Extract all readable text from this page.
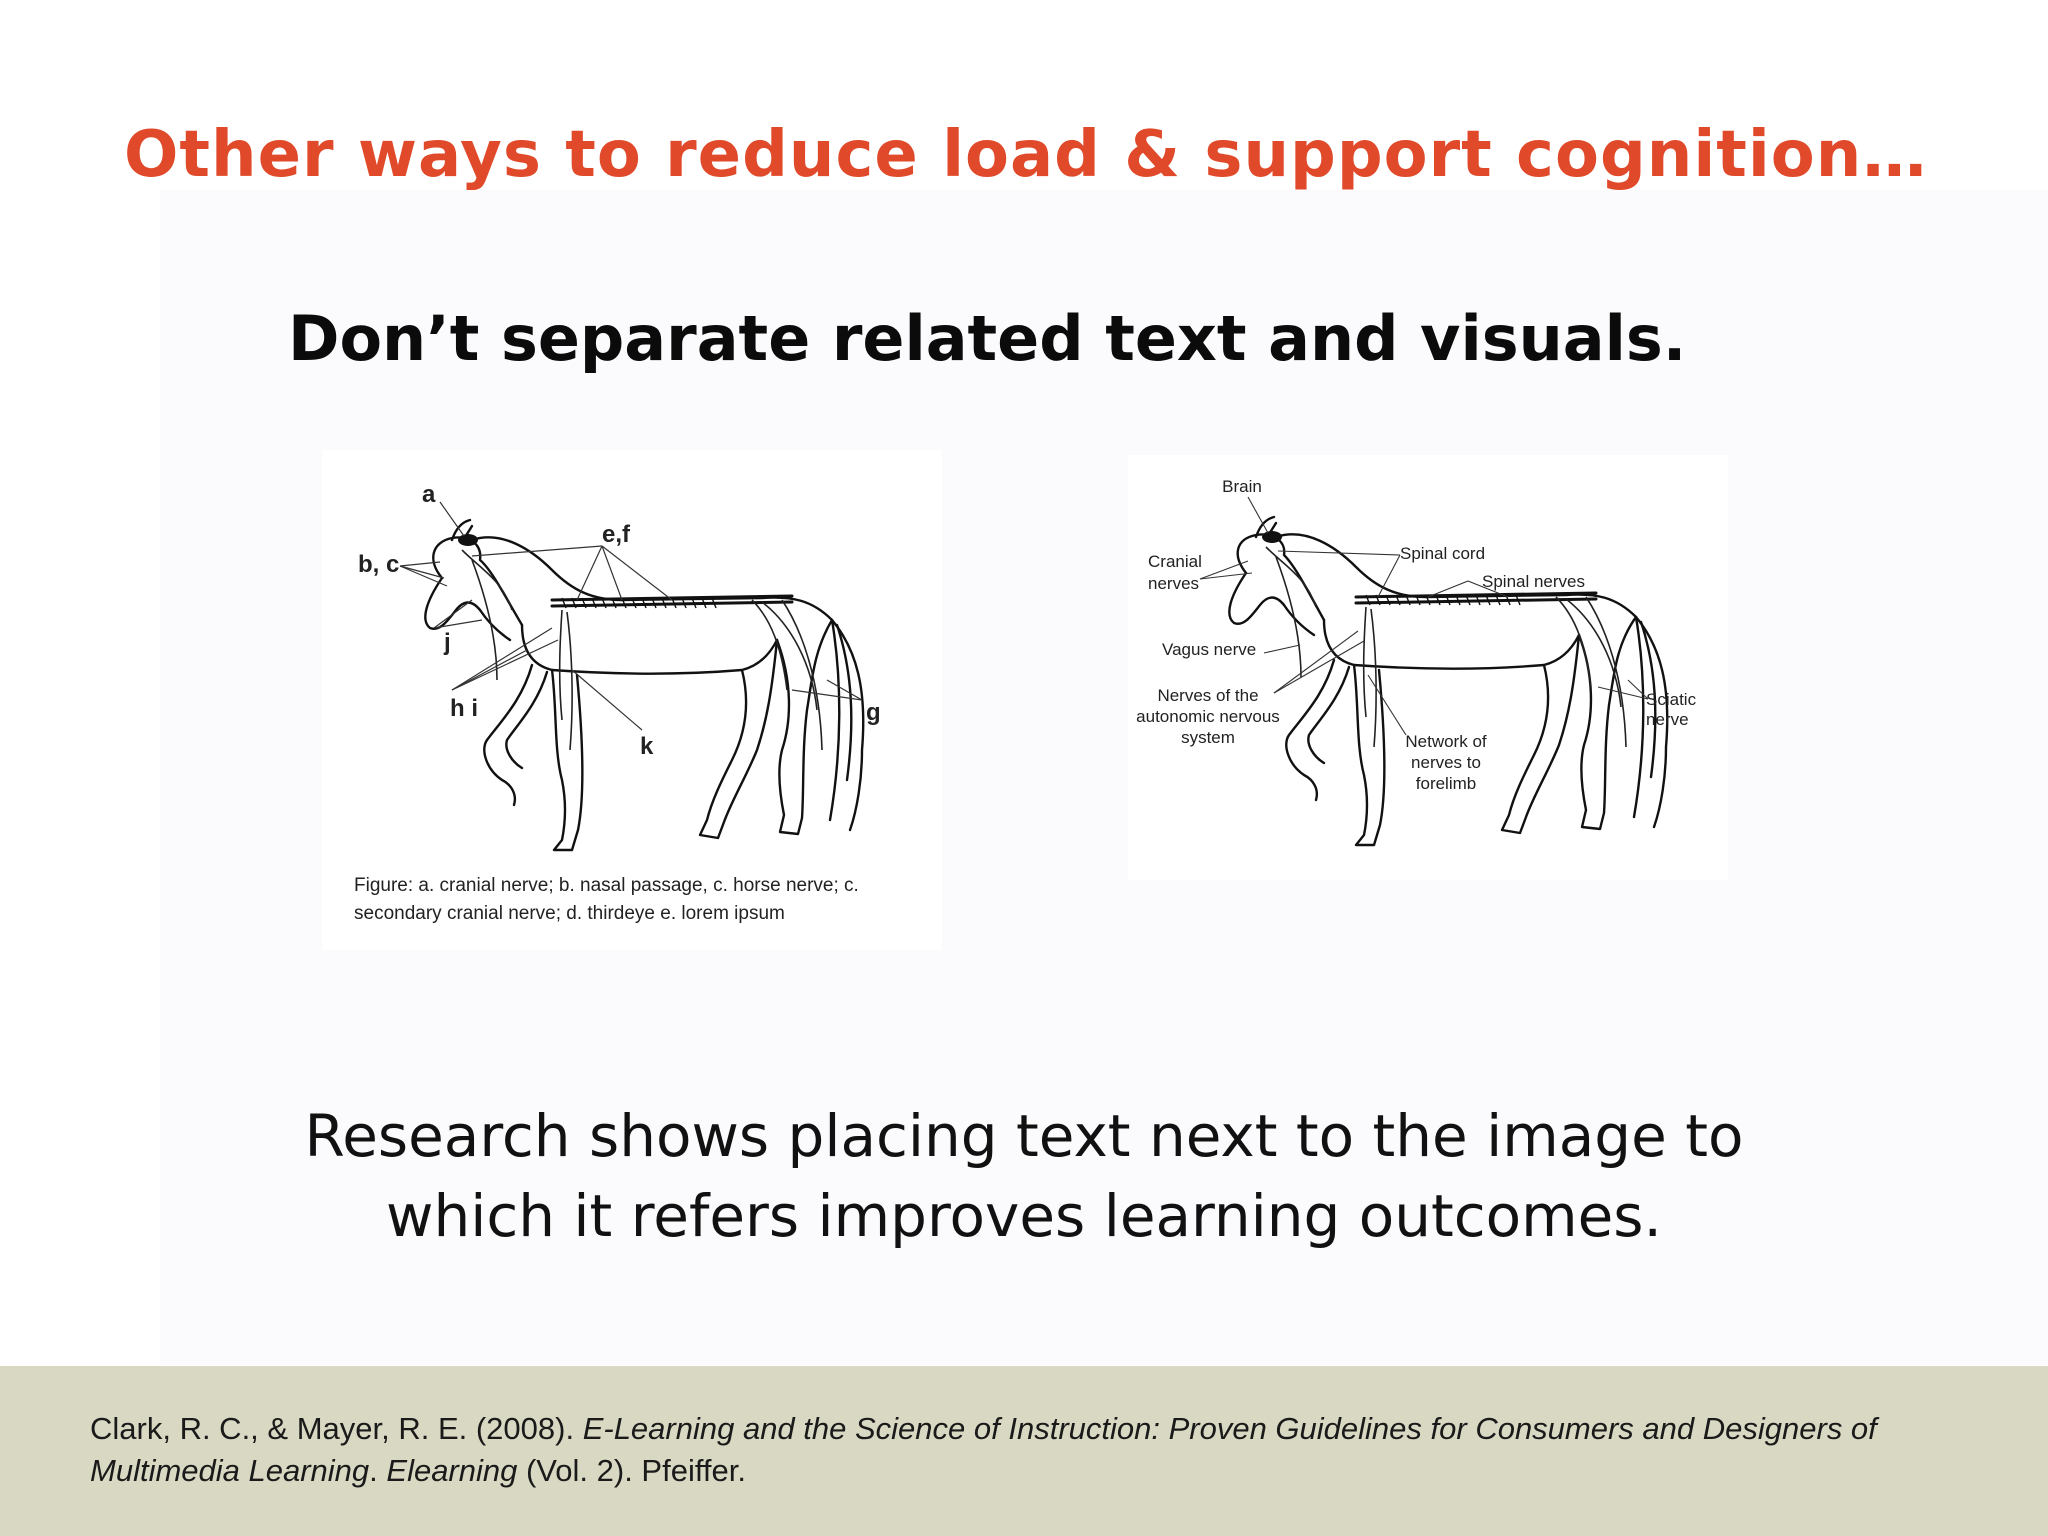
Other ways to reduce load & support cognition…
Don’t separate related text and visuals.
a
b, c
e,f
j
h i
k
g
Figure: a. cranial nerve; b. nasal passage, c. horse nerve; c.
secondary cranial nerve; d. thirdeye e. lorem ipsum
Brain
Cranial
nerves
Spinal cord
Spinal nerves
Vagus nerve
Nerves of the
autonomic nervous
system	Network of
nerves to
forelimb
Sciatic
nerve
Research shows placing text next to the image to
which it refers improves learning outcomes.
Clark, R. C., & Mayer, R. E. (2008). E-Learning and the Science of Instruction: Proven Guidelines for Consumers and Designers of Multimedia Learning. Elearning (Vol. 2). Pfeiffer.
